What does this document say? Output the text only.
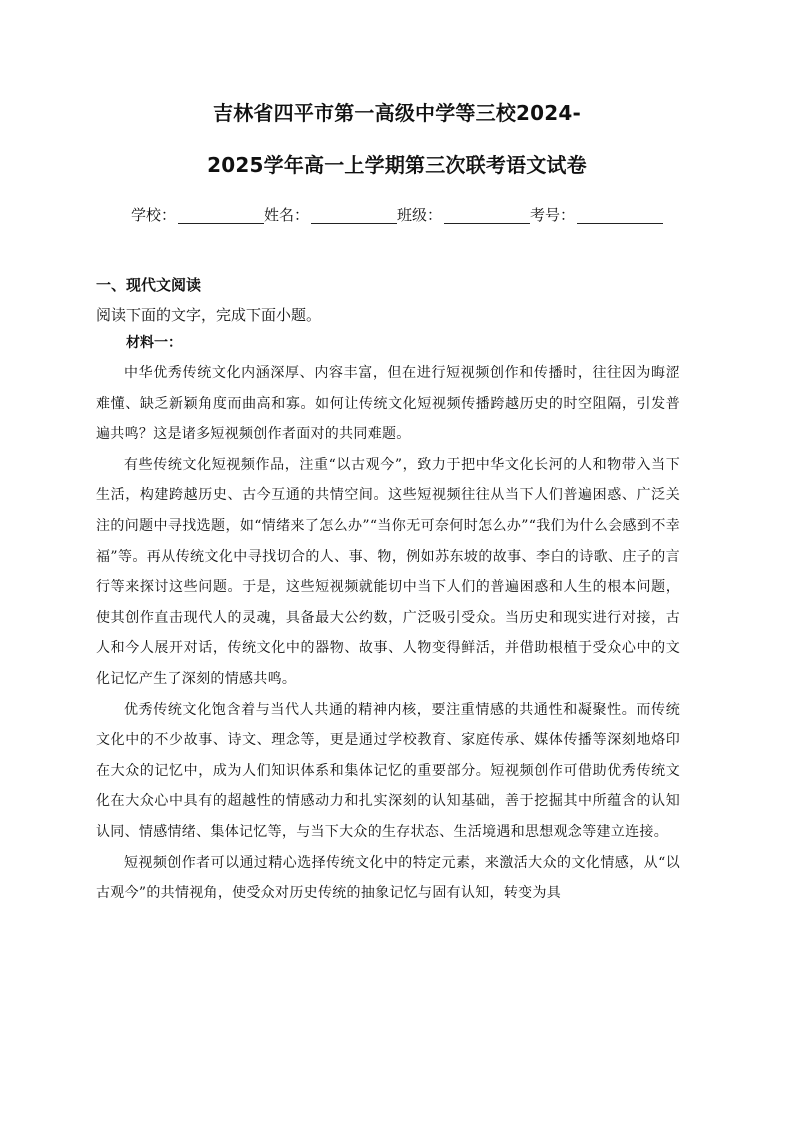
吉林省四平市第一高级中学等三校2024-
2025学年高一上学期第三次联考语文试卷
学校：	姓名：	班级：	考号：
一、现代文阅读
阅读下面的文字，完成下面小题。
材料一：

中华优秀传统文化内涵深厚、内容丰富，但在进行短视频创作和传播时，往往因为晦涩难懂、缺乏新颖角度而曲高和寡。如何让传统文化短视频传播跨越历史的时空阻隔，引发普遍共鸣？这是诸多短视频创作者面对的共同难题。

有些传统文化短视频作品，注重“以古观今”，致力于把中华文化长河的人和物带入当下生活，构建跨越历史、古今互通的共情空间。这些短视频往往从当下人们普遍困惑、广泛关注的问题中寻找选题，如“情绪来了怎么办”“当你无可奈何时怎么办”“我们为什么会感到不幸福”等。再从传统文化中寻找切合的人、事、物，例如苏东坡的故事、李白的诗歌、庄子的言行等来探讨这些问题。于是，这些短视频就能切中当下人们的普遍困惑和人生的根本问题，使其创作直击现代人的灵魂，具备最大公约数，广泛吸引受众。当历史和现实进行对接，古人和今人展开对话，传统文化中的器物、故事、人物变得鲜活，并借助根植于受众心中的文化记忆产生了深刻的情感共鸣。

优秀传统文化饱含着与当代人共通的精神内核，要注重情感的共通性和凝聚性。而传统文化中的不少故事、诗文、理念等，更是通过学校教育、家庭传承、媒体传播等深刻地烙印在大众的记忆中，成为人们知识体系和集体记忆的重要部分。短视频创作可借助优秀传统文化在大众心中具有的超越性的情感动力和扎实深刻的认知基础，善于挖掘其中所蕴含的认知认同、情感情绪、集体记忆等，与当下大众的生存状态、生活境遇和思想观念等建立连接。

短视频创作者可以通过精心选择传统文化中的特定元素，来激活大众的文化情感，从“以古观今”的共情视角，使受众对历史传统的抽象记忆与固有认知，转变为具
